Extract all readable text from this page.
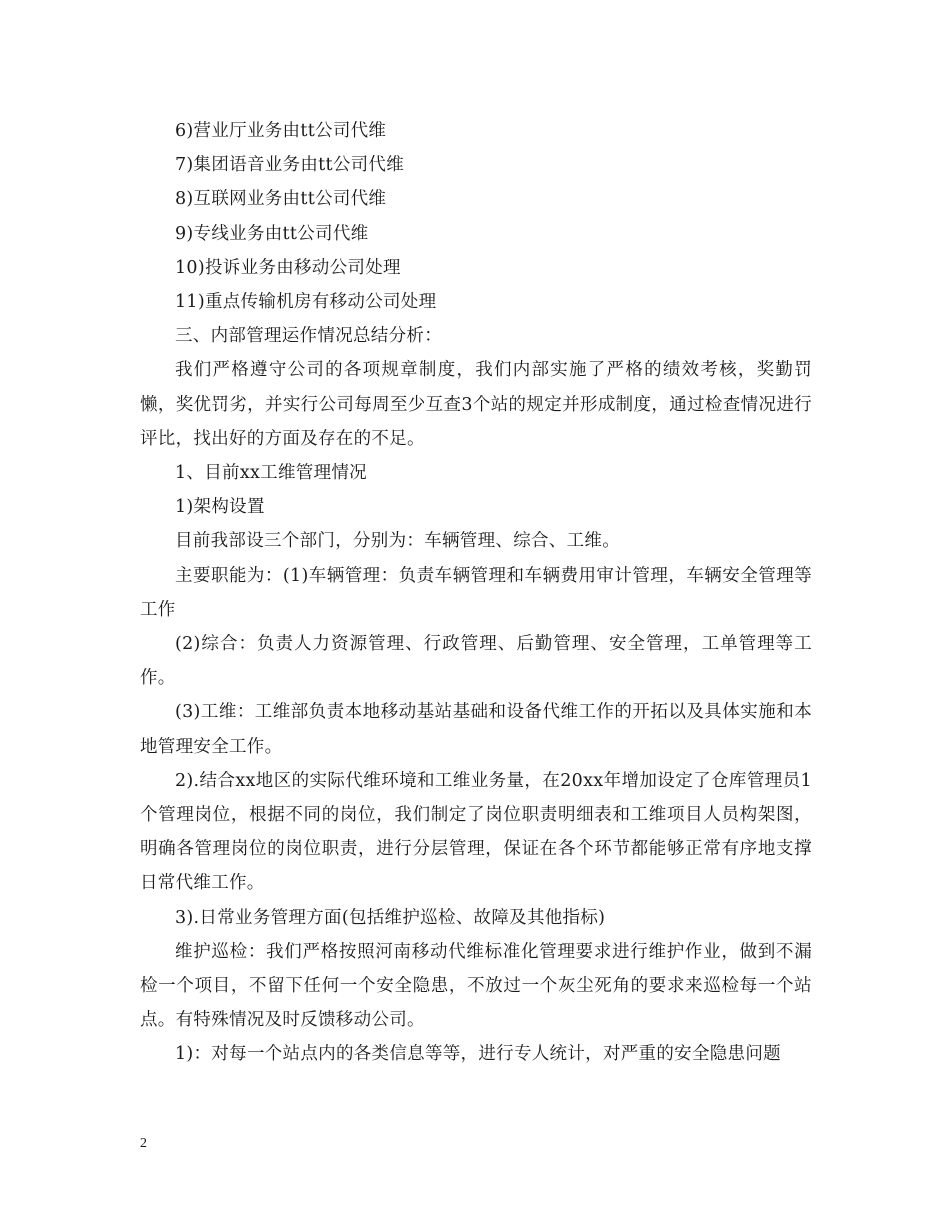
6)营业厅业务由tt公司代维

7)集团语音业务由tt公司代维

8)互联网业务由tt公司代维

9)专线业务由tt公司代维

10)投诉业务由移动公司处理

11)重点传输机房有移动公司处理

三、内部管理运作情况总结分析：

我们严格遵守公司的各项规章制度，我们内部实施了严格的绩效考核，奖勤罚懒，奖优罚劣，并实行公司每周至少互查3个站的规定并形成制度，通过检查情况进行评比，找出好的方面及存在的不足。

1、目前xx工维管理情况

1)架构设置

目前我部设三个部门，分别为：车辆管理、综合、工维。

主要职能为：(1)车辆管理：负责车辆管理和车辆费用审计管理，车辆安全管理等工作

(2)综合：负责人力资源管理、行政管理、后勤管理、安全管理，工单管理等工作。

(3)工维：工维部负责本地移动基站基础和设备代维工作的开拓以及具体实施和本地管理安全工作。

2).结合xx地区的实际代维环境和工维业务量，在20xx年增加设定了仓库管理员1个管理岗位，根据不同的岗位，我们制定了岗位职责明细表和工维项目人员构架图，明确各管理岗位的岗位职责，进行分层管理，保证在各个环节都能够正常有序地支撑日常代维工作。

3).日常业务管理方面(包括维护巡检、故障及其他指标)

维护巡检：我们严格按照河南移动代维标准化管理要求进行维护作业，做到不漏检一个项目，不留下任何一个安全隐患，不放过一个灰尘死角的要求来巡检每一个站点。有特殊情况及时反馈移动公司。

1)：对每一个站点内的各类信息等等，进行专人统计，对严重的安全隐患问题

2
